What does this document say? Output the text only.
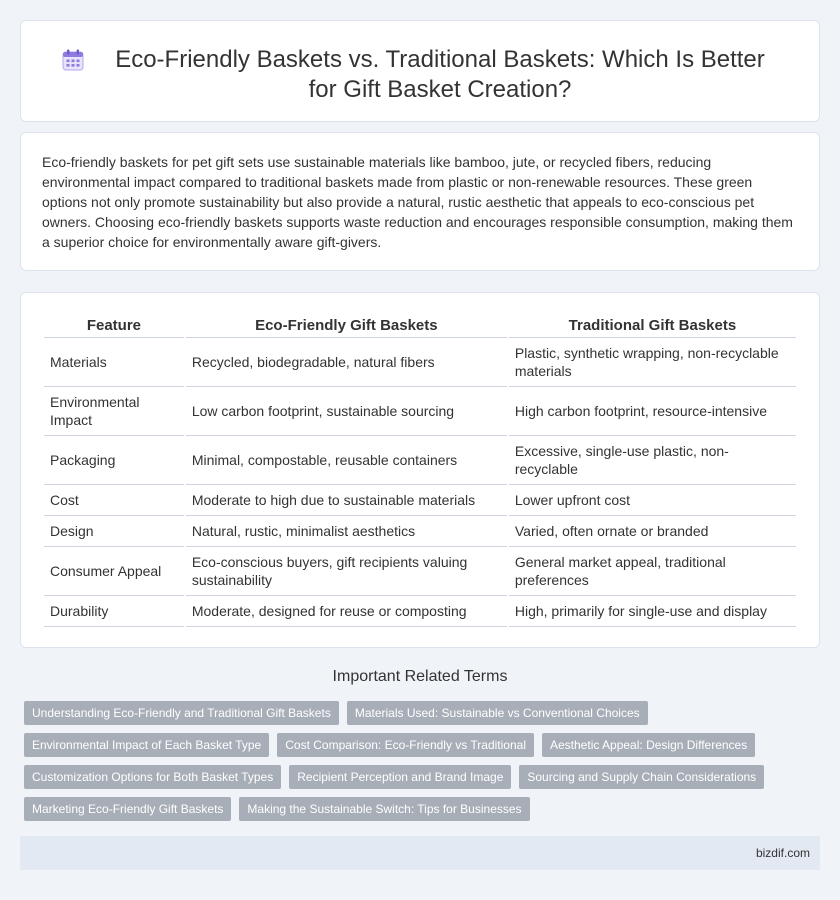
Eco-Friendly Baskets vs. Traditional Baskets: Which Is Better for Gift Basket Creation?

Eco-friendly baskets for pet gift sets use sustainable materials like bamboo, jute, or recycled fibers, reducing environmental impact compared to traditional baskets made from plastic or non-renewable resources. These green options not only promote sustainability but also provide a natural, rustic aesthetic that appeals to eco-conscious pet owners. Choosing eco-friendly baskets supports waste reduction and encourages responsible consumption, making them a superior choice for environmentally aware gift-givers.

Feature	Eco-Friendly Gift Baskets	Traditional Gift Baskets
Materials	Recycled, biodegradable, natural fibers	Plastic, synthetic wrapping, non-recyclable materials
Environmental Impact	Low carbon footprint, sustainable sourcing	High carbon footprint, resource-intensive
Packaging	Minimal, compostable, reusable containers	Excessive, single-use plastic, non-recyclable
Cost	Moderate to high due to sustainable materials	Lower upfront cost
Design	Natural, rustic, minimalist aesthetics	Varied, often ornate or branded
Consumer Appeal	Eco-conscious buyers, gift recipients valuing sustainability	General market appeal, traditional preferences
Durability	Moderate, designed for reuse or composting	High, primarily for single-use and display
Important Related Terms
Understanding Eco-Friendly and Traditional Gift Baskets	Materials Used: Sustainable vs Conventional Choices
Environmental Impact of Each Basket Type	Cost Comparison: Eco-Friendly vs Traditional	Aesthetic Appeal: Design Differences
Customization Options for Both Basket Types	Recipient Perception and Brand Image	Sourcing and Supply Chain Considerations
Marketing Eco-Friendly Gift Baskets	Making the Sustainable Switch: Tips for Businesses
bizdif.com
